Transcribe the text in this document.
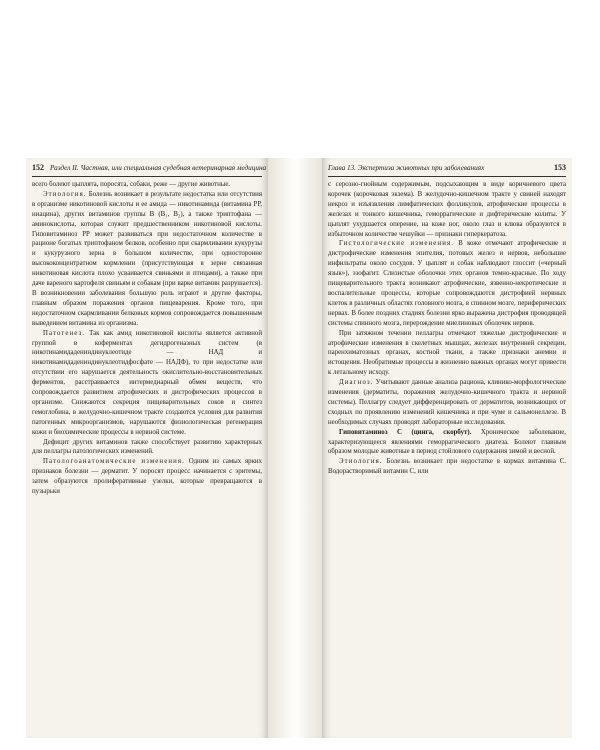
152 Раздел II. Частная, или специальная судебная ветеринарная медицина

всего болеют цыплята, поросята, собаки, реже — другие животные.

Этиология. Болезнь возникает в результате недостатка или отсутствия в организме никотиновой кислоты и ее амида — никотинамида (витамина РР, ниацина), других витаминов группы В (В₁, В₂), а также триптофана — аминокислоты, которая служит предшественником никотиновой кислоты. Гиповитаминоз РР может развиваться при недостаточном количестве в рационе богатых триптофаном белков, особенно при скармливании кукурузы и кукурузного зерна в большом количестве, при односторонне высококонцентратном кормлении (присутствующая в зерне связанная никотиновая кислота плохо усваивается свиньями и птицами), а также при даче вареного картофеля свиньям и собакам (при варке витамин разрушается). В возникновении заболевания большую роль играют и другие факторы, главным образом поражения органов пищеварения. Кроме того, при недостаточном скармливании белковых кормов сопровождается повышенным выведением витамина из организма.

Патогенез. Так как амид никотиновой кислоты является активной группой в коферментах дегидрогеназных систем (в никотинамидадениндинуклеотиде — НАД и никотинамидадениндинуклеотидфосфате — НАДФ), то при недостатке или отсутствии его нарушается деятельность окислительно-восстановительных ферментов, расстраивается интермедиарный обмен веществ, что сопровождается развитием атрофических и дистрофических процессов в организме. Снижаются секреция пищеварительных соков и синтез гемоглобина, в желудочно-кишечном тракте создаются условия для развития патогенных микроорганизмов, нарушаются физиологическая регенерация кожи и биохимические процессы в нервной системе.

Дефицит других витаминов также способствует развитию характерных для пеллагры патологических изменений.

Патологоанатомические изменения. Одним из самых ярких признаков болезни — дерматит. У поросят процесс начинается с эритемы, затем образуются пролиферативные узелки, которые превращаются в пузырьки

Глава 13. Экспертиза животных при заболеваниях	153

с серозно-гнойным содержимым, подсыхающим в виде коричневого цвета корочек (корочковая экзема). В желудочно-кишечном тракте у свиней находят некроз и изъязвления лимфатических фолликулов, атрофические процессы в железах и тонкого кишечника, геморрагические и дифтерические колиты. У цыплят ухудшается оперение, на коже ног, около глаз и клюва образуются в избыточном количестве чешуйки — признаки гиперкератоза.

Гистологические изменения. В коже отмечают атрофические и дистрофические изменения эпителия, потовых желез и нервов, небольшие инфильтраты около сосудов. У цыплят и собак наблюдают глоссит («черный язык»), эзофагит. Слизистые оболочки этих органов темно-красные. По ходу пищеварительного тракта возникают атрофические, язвенно-некротические и воспалительные процессы, которые сопровождаются дистрофией нервных клеток в различных областях головного мозга, в спинном мозге, периферических нервах. В более поздних стадиях болезни ярко выражена дистрофия проводящей системы спинного мозга, перерождение миелиновых оболочек нервов.

При затяжном течении пеллагры отмечают тяжелые дистрофические и атрофические изменения в скелетных мышцах, железах внутренней секреции, паренхиматозных органах, костной ткани, а также признаки анемии и истощения. Необратимые процессы в жизненно важных органах могут привести к летальному исходу.

Диагноз. Учитывают данные анализа рациона, клинико-морфологические изменения (дерматиты, поражения желудочно-кишечного тракта и нервной системы). Пеллагру следует дифференцировать от дерматитов, возникающих от сходных по проявлению изменений кишечника и при чуме и сальмонеллезе. В необходимых случаях проводят лабораторные исследования.

Гиповитаминоз С (цинга, скорбут). Хроническое заболевание, характеризующееся явлениями геморрагического диатеза. Болеют главным образом молодые животные в период стойлового содержания зимой и весной.

Этиология. Болезнь возникает при недостатке в кормах витамина С. Водорастворимый витамин С, или
